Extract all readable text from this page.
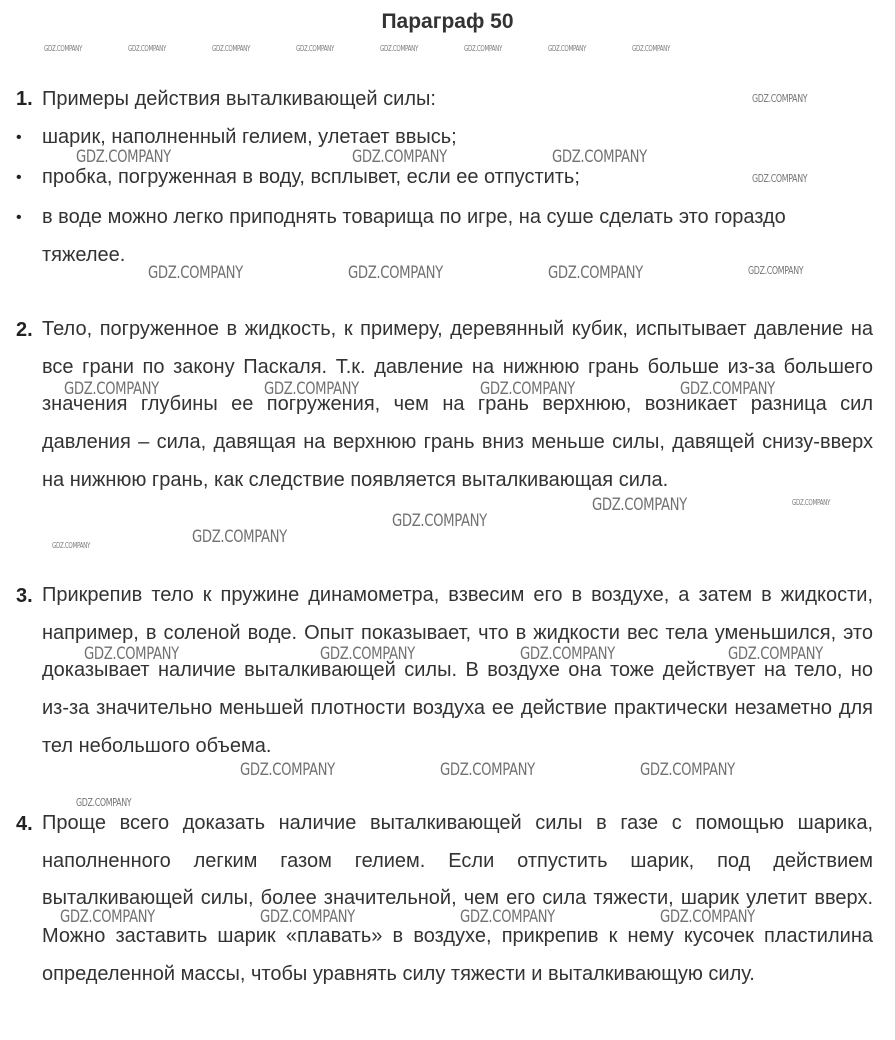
Параграф 50
1. Примеры действия выталкивающей силы:
• шарик, наполненный гелием, улетает ввысь;
• пробка, погруженная в воду, всплывет, если ее отпустить;
• в воде можно легко приподнять товарища по игре, на суше сделать это гораздо тяжелее.
2. Тело, погруженное в жидкость, к примеру, деревянный кубик, испытывает давление на все грани по закону Паскаля. Т.к. давление на нижнюю грань больше из-за большего значения глубины ее погружения, чем на грань верхнюю, возникает разница сил давления – сила, давящая на верхнюю грань вниз меньше силы, давящей снизу-вверх на нижнюю грань, как следствие появляется выталкивающая сила.

3. Прикрепив тело к пружине динамометра, взвесим его в воздухе, а затем в жидкости, например, в соленой воде. Опыт показывает, что в жидкости вес тела уменьшился, это доказывает наличие выталкивающей силы. В воздухе она тоже действует на тело, но из-за значительно меньшей плотности воздуха ее действие практически незаметно для тел небольшого объема.

4. Проще всего доказать наличие выталкивающей силы в газе с помощью шарика, наполненного легким газом гелием. Если отпустить шарик, под действием выталкивающей силы, более значительной, чем его сила тяжести, шарик улетит вверх. Можно заставить шарик «плавать» в воздухе, прикрепив к нему кусочек пластилина определенной массы, чтобы уравнять силу тяжести и выталкивающую силу.

GDZ.COMPANY	GDZ.COMPANY	GDZ.COMPANY	GDZ.COMPANY	GDZ.COMPANY	GDZ.COMPANY	GDZ.COMPANY	GDZ.COMPANY
GDZ.COMPANY
GDZ.COMPANY	GDZ.COMPANY	GDZ.COMPANY
GDZ.COMPANY
GDZ.COMPANY	GDZ.COMPANY	GDZ.COMPANY	GDZ.COMPANY
GDZ.COMPANY	GDZ.COMPANY	GDZ.COMPANY	GDZ.COMPANY
GDZ.COMPANY	GDZ.COMPANY
GDZ.COMPANY
GDZ.COMPANY
GDZ.COMPANY
GDZ.COMPANY	GDZ.COMPANY	GDZ.COMPANY	GDZ.COMPANY
GDZ.COMPANY	GDZ.COMPANY	GDZ.COMPANY
GDZ.COMPANY
GDZ.COMPANY	GDZ.COMPANY	GDZ.COMPANY	GDZ.COMPANY
